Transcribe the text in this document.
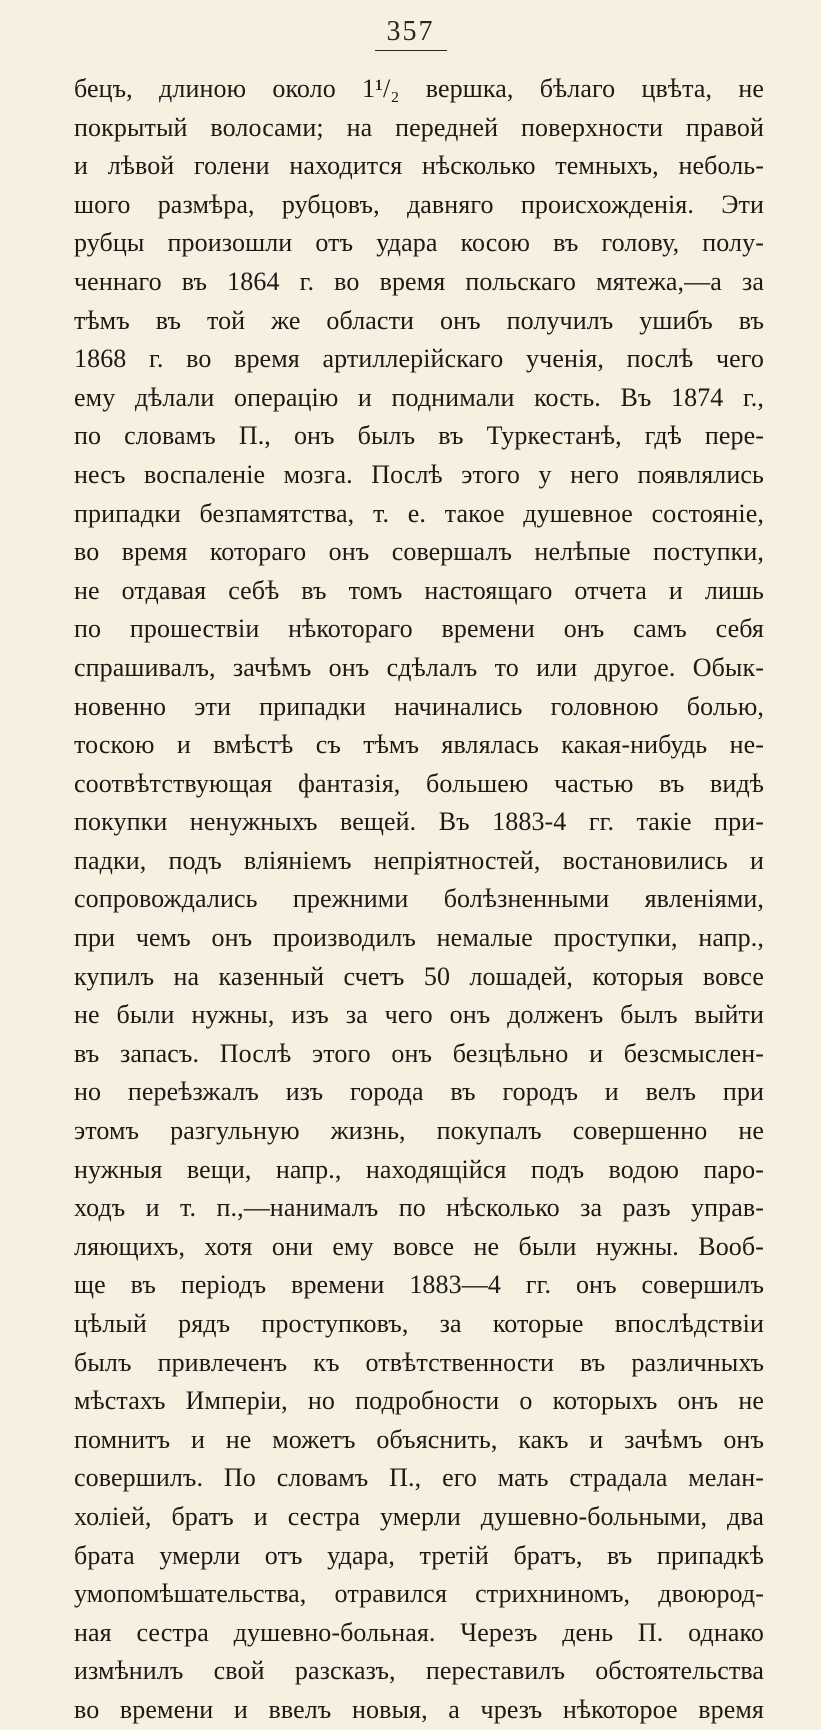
357
бецъ, длиною около 1¹/₂ вершка, бѣлаго цвѣта, не
покрытый волосами; на передней поверхности правой
и лѣвой голени находится нѣсколько темныхъ, неболь-
шого размѣра, рубцовъ, давняго происхожденія. Эти
рубцы произошли отъ удара косою въ голову, полу-
ченнаго въ 1864 г. во время польскаго мятежа,—а за
тѣмъ въ той же области онъ получилъ ушибъ въ
1868 г. во время артиллерійскаго ученія, послѣ чего
ему дѣлали операцію и поднимали кость. Въ 1874 г.,
по словамъ П., онъ былъ въ Туркестанѣ, гдѣ пере-
несъ воспаленіе мозга. Послѣ этого у него появлялись
припадки безпамятства, т. е. такое душевное состояніе,
во время котораго онъ совершалъ нелѣпые поступки,
не отдавая себѣ въ томъ настоящаго отчета и лишь
по прошествіи нѣкотораго времени онъ самъ себя
спрашивалъ, зачѣмъ онъ сдѣлалъ то или другое. Обык-
новенно эти припадки начинались головною болью,
тоскою и вмѣстѣ съ тѣмъ являлась какая-нибудь не-
соотвѣтствующая фантазія, большею частью въ видѣ
покупки ненужныхъ вещей. Въ 1883-4 гг. такіе при-
падки, подъ вліяніемъ непріятностей, востановились и
сопровождались прежними болѣзненными явленіями,
при чемъ онъ производилъ немалые проступки, напр.,
купилъ на казенный счетъ 50 лошадей, которыя вовсе
не были нужны, изъ за чего онъ долженъ былъ выйти
въ запасъ. Послѣ этого онъ безцѣльно и безсмыслен-
но переѣзжалъ изъ города въ городъ и велъ при
этомъ разгульную жизнь, покупалъ совершенно не
нужныя вещи, напр., находящійся подъ водою паро-
ходъ и т. п.,—нанималъ по нѣсколько за разъ управ-
ляющихъ, хотя они ему вовсе не были нужны. Вооб-
ще въ періодъ времени 1883—4 гг. онъ совершилъ
цѣлый рядъ проступковъ, за которые впослѣдствіи
былъ привлеченъ къ отвѣтственности въ различныхъ
мѣстахъ Имперіи, но подробности о которыхъ онъ не
помнитъ и не можетъ объяснить, какъ и зачѣмъ онъ
совершилъ. По словамъ П., его мать страдала мелан-
холіей, братъ и сестра умерли душевно-больными, два
брата умерли отъ удара, третій братъ, въ припадкѣ
умопомѣшательства, отравился стрихниномъ, двоюрод-
ная сестра душевно-больная. Черезъ день П. однако
измѣнилъ свой разсказъ, переставилъ обстоятельства
во времени и ввелъ новыя, а чрезъ нѣкоторое время
